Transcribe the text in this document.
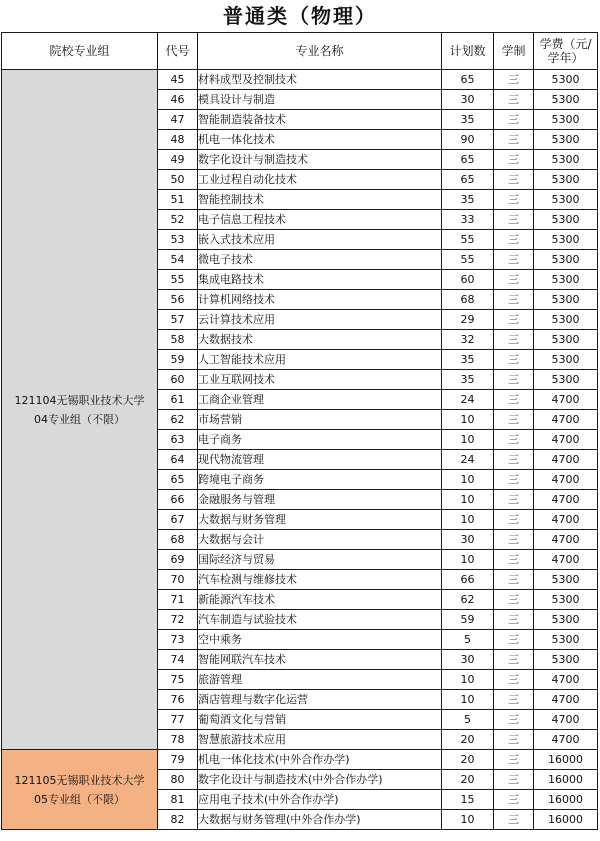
普通类（物理）
院校专业组	代号	专业名称	计划数	学制	学费（元/
学年）
121104无锡职业技术大学
04专业组（不限）	45	材料成型及控制技术	65	三	5300
	46	模具设计与制造	30	三	5300
	47	智能制造装备技术	35	三	5300
	48	机电一体化技术	90	三	5300
	49	数字化设计与制造技术	65	三	5300
	50	工业过程自动化技术	65	三	5300
	51	智能控制技术	35	三	5300
	52	电子信息工程技术	33	三	5300
	53	嵌入式技术应用	55	三	5300
	54	微电子技术	55	三	5300
	55	集成电路技术	60	三	5300
	56	计算机网络技术	68	三	5300
	57	云计算技术应用	29	三	5300
	58	大数据技术	32	三	5300
	59	人工智能技术应用	35	三	5300
	60	工业互联网技术	35	三	5300
	61	工商企业管理	24	三	4700
	62	市场营销	10	三	4700
	63	电子商务	10	三	4700
	64	现代物流管理	24	三	4700
	65	跨境电子商务	10	三	4700
	66	金融服务与管理	10	三	4700
	67	大数据与财务管理	10	三	4700
	68	大数据与会计	30	三	4700
	69	国际经济与贸易	10	三	4700
	70	汽车检测与维修技术	66	三	5300
	71	新能源汽车技术	62	三	5300
	72	汽车制造与试验技术	59	三	5300
	73	空中乘务	5	三	5300
	74	智能网联汽车技术	30	三	5300
	75	旅游管理	10	三	4700
	76	酒店管理与数字化运营	10	三	4700
	77	葡萄酒文化与营销	5	三	4700
	78	智慧旅游技术应用	20	三	4700
121105无锡职业技术大学
05专业组（不限）	79	机电一体化技术(中外合作办学)	20	三	16000
	80	数字化设计与制造技术(中外合作办学)	20	三	16000
	81	应用电子技术(中外合作办学)	15	三	16000
	82	大数据与财务管理(中外合作办学)	10	三	16000
